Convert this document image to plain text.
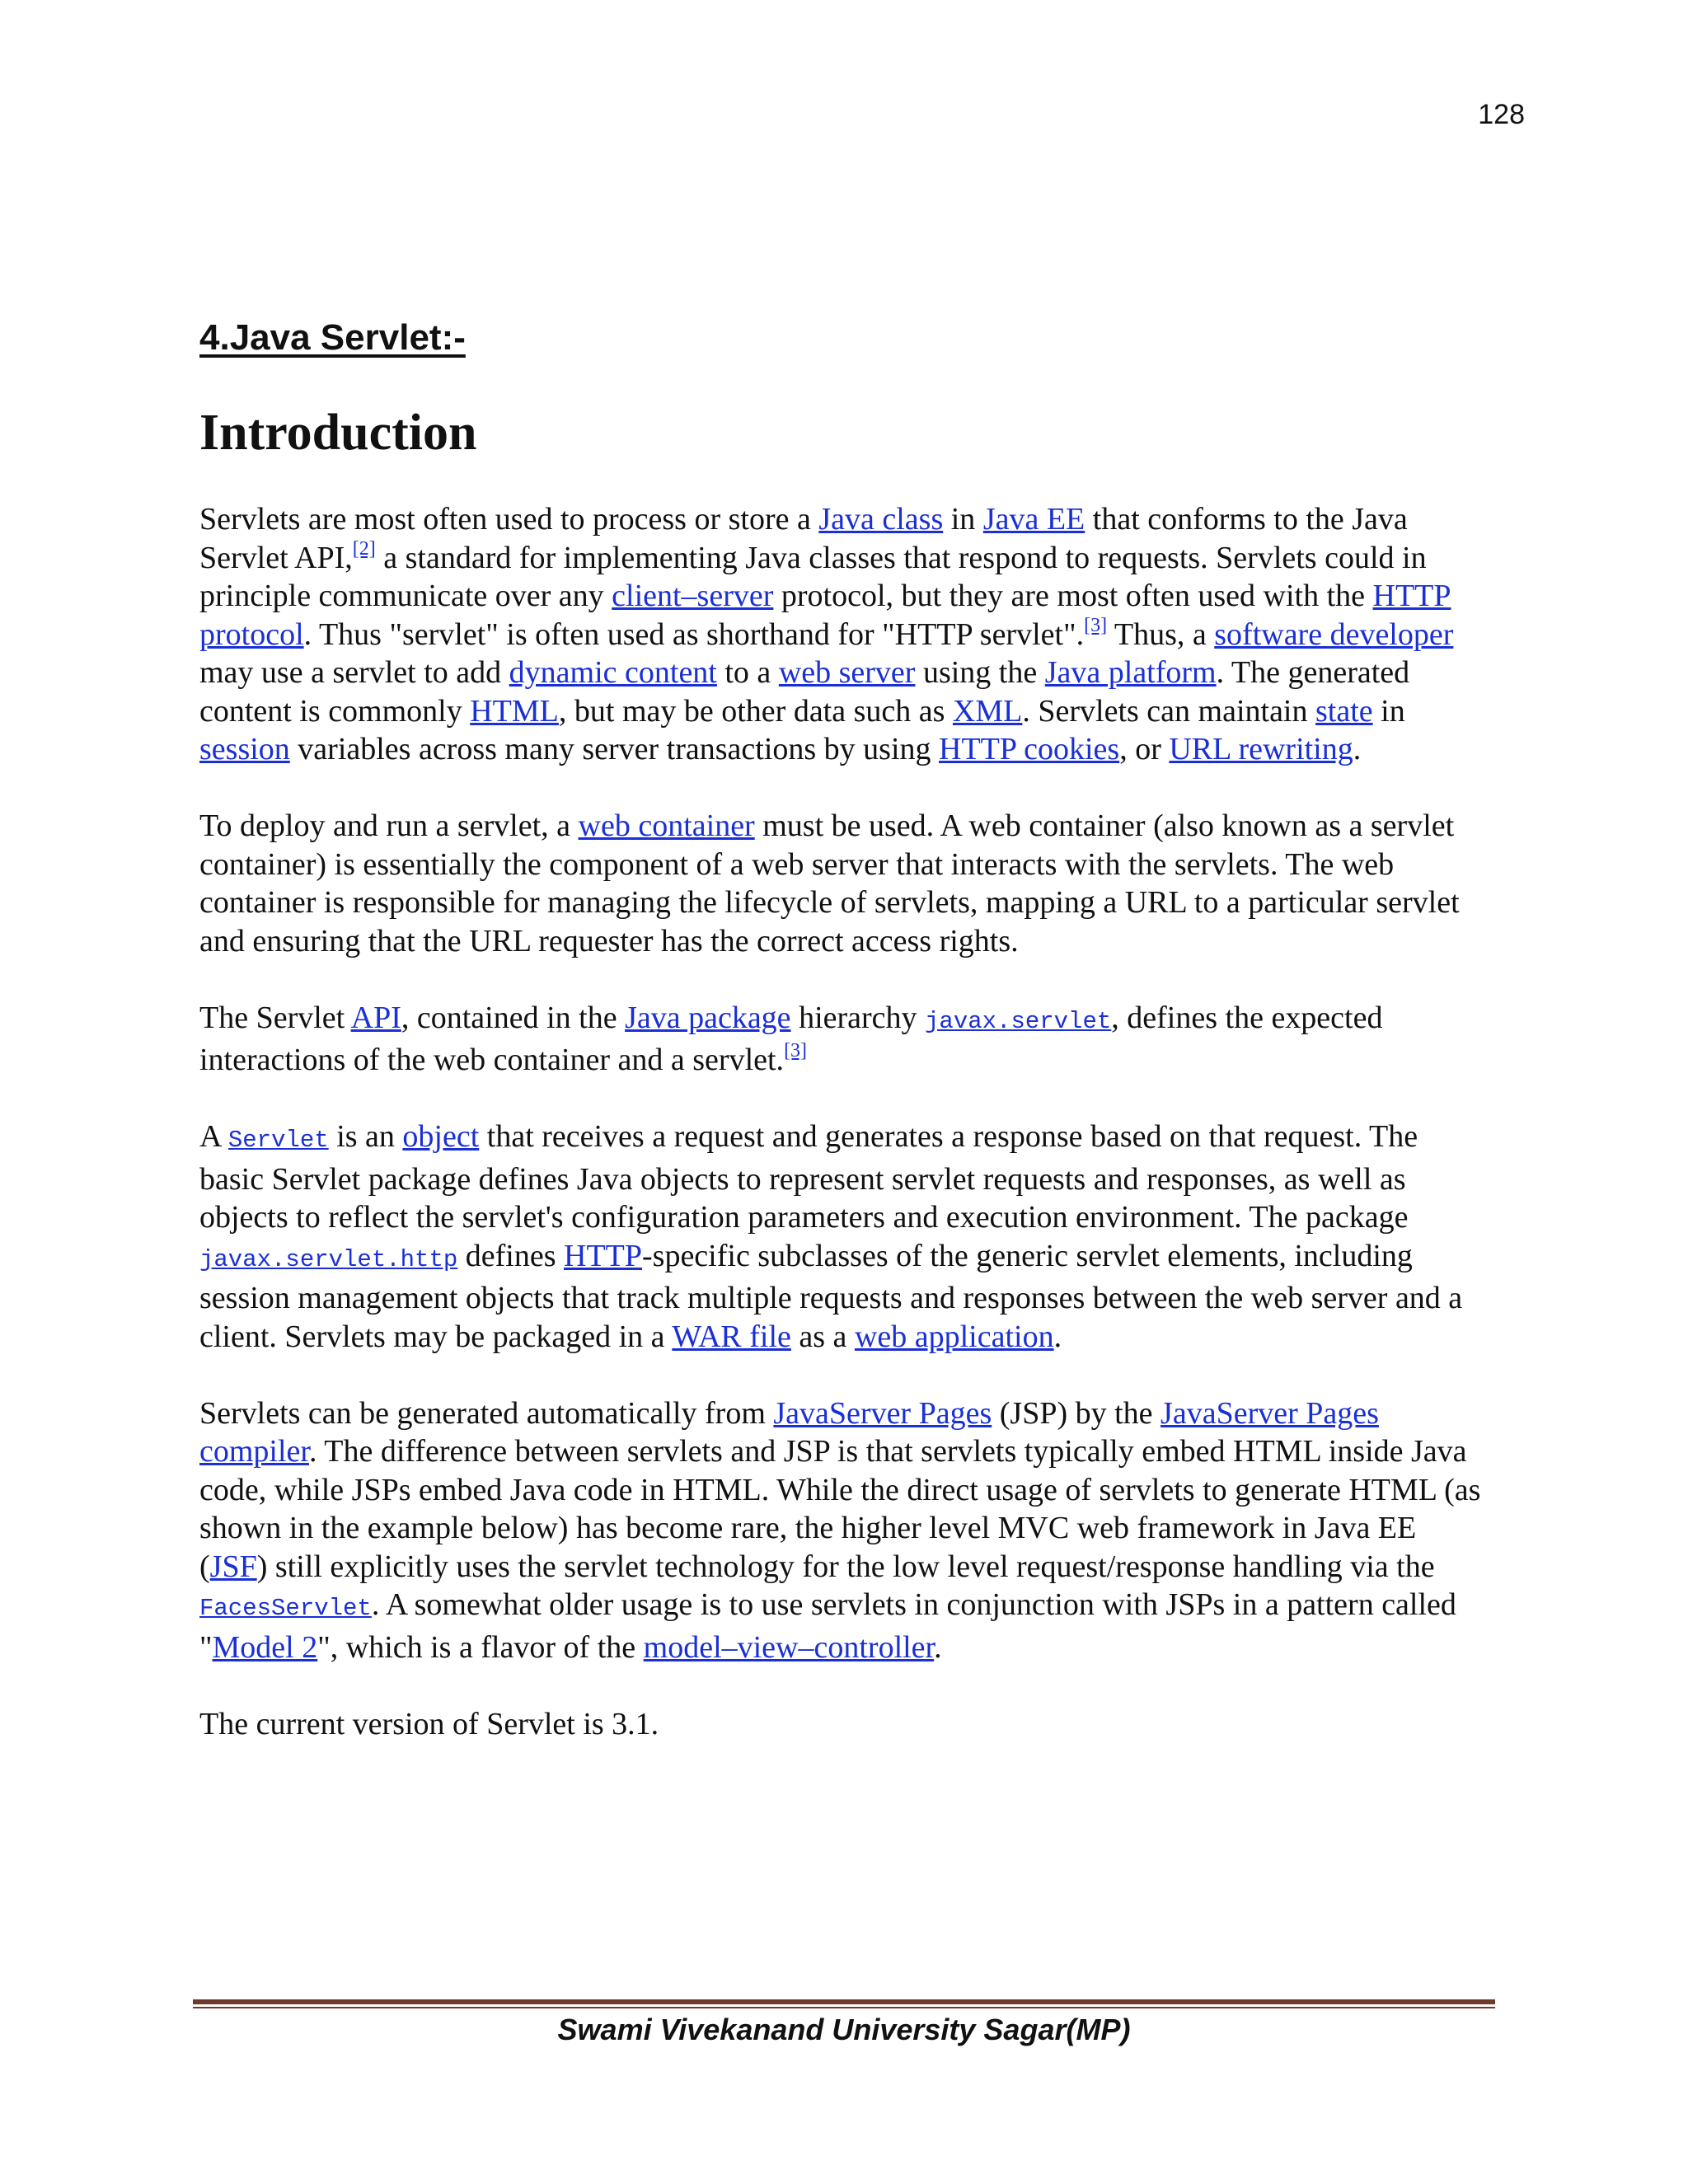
128
4.Java Servlet:-
Introduction

Servlets are most often used to process or store a Java class in Java EE that conforms to the Java Servlet API,[2] a standard for implementing Java classes that respond to requests. Servlets could in principle communicate over any client–server protocol, but they are most often used with the HTTP protocol. Thus "servlet" is often used as shorthand for "HTTP servlet".[3] Thus, a software developer may use a servlet to add dynamic content to a web server using the Java platform. The generated content is commonly HTML, but may be other data such as XML. Servlets can maintain state in session variables across many server transactions by using HTTP cookies, or URL rewriting.

To deploy and run a servlet, a web container must be used. A web container (also known as a servlet container) is essentially the component of a web server that interacts with the servlets. The web container is responsible for managing the lifecycle of servlets, mapping a URL to a particular servlet and ensuring that the URL requester has the correct access rights.

The Servlet API, contained in the Java package hierarchy javax.servlet, defines the expected interactions of the web container and a servlet.[3]

A Servlet is an object that receives a request and generates a response based on that request. The basic Servlet package defines Java objects to represent servlet requests and responses, as well as objects to reflect the servlet's configuration parameters and execution environment. The package javax.servlet.http defines HTTP-specific subclasses of the generic servlet elements, including session management objects that track multiple requests and responses between the web server and a client. Servlets may be packaged in a WAR file as a web application.

Servlets can be generated automatically from JavaServer Pages (JSP) by the JavaServer Pages compiler. The difference between servlets and JSP is that servlets typically embed HTML inside Java code, while JSPs embed Java code in HTML. While the direct usage of servlets to generate HTML (as shown in the example below) has become rare, the higher level MVC web framework in Java EE (JSF) still explicitly uses the servlet technology for the low level request/response handling via the FacesServlet. A somewhat older usage is to use servlets in conjunction with JSPs in a pattern called "Model 2", which is a flavor of the model–view–controller.

The current version of Servlet is 3.1.

Swami Vivekanand University Sagar(MP)
